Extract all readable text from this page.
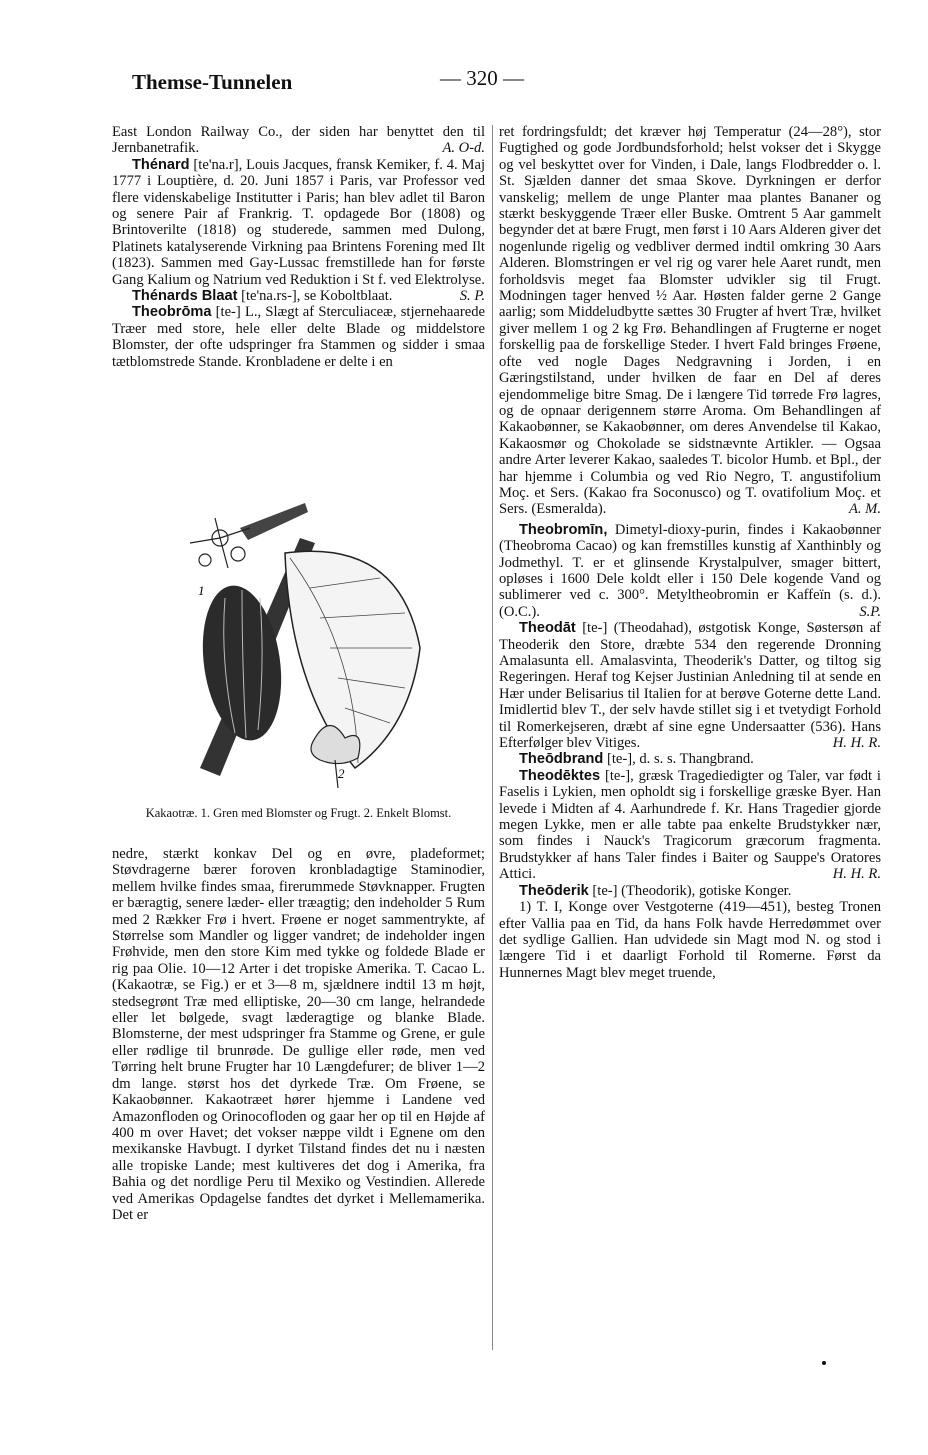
Themse-Tunnelen	— 320 —

East London Railway Co., der siden har benyttet den til Jernbanetrafik.	A. O-d.

Thénard [te'na.r], Louis Jacques, fransk Kemiker, f. 4. Maj 1777 i Louptière, d. 20. Juni 1857 i Paris, var Professor ved flere videnskabelige Institutter i Paris; han blev adlet til Baron og senere Pair af Frankrig. T. opdagede Bor (1808) og Brintoverilte (1818) og studerede, sammen med Dulong, Platinets katalyserende Virkning paa Brintens Forening med Ilt (1823). Sammen med Gay-Lussac fremstillede han for første Gang Kalium og Natrium ved Reduktion i St f. ved Elektrolyse.
S. P.

Thénards Blaat [te'na.rs-], se Koboltblaat.

Theobrōma [te-] L., Slægt af Sterculiaceæ, stjernehaarede Træer med store, hele eller delte Blade og middelstore Blomster, der ofte udspringer fra Stammen og sidder i smaa tætblomstrede Stande. Kronbladene er delte i en

1
2
Kakaotræ. 1. Gren med Blomster og Frugt. 2. Enkelt Blomst.

nedre, stærkt konkav Del og en øvre, pladeformet; Støvdragerne bærer foroven kronbladagtige Staminodier, mellem hvilke findes smaa, firerummede Støvknapper. Frugten er bæragtig, senere læder- eller træagtig; den indeholder 5 Rum med 2 Rækker Frø i hvert. Frøene er noget sammentrykte, af Størrelse som Mandler og ligger vandret; de indeholder ingen Frøhvide, men den store Kim med tykke og foldede Blade er rig paa Olie. 10—12 Arter i det tropiske Amerika. T. Cacao L. (Kakaotræ, se Fig.) er et 3—8 m, sjældnere indtil 13 m højt, stedsegrønt Træ med elliptiske, 20—30 cm lange, helrandede eller let bølgede, svagt læderagtige og blanke Blade. Blomsterne, der mest udspringer fra Stamme og Grene, er gule eller rødlige til brunrøde. De gullige eller røde, men ved Tørring helt brune Frugter har 10 Længdefurer; de bliver 1—2 dm lange. størst hos det dyrkede Træ. Om Frøene, se Kakaobønner. Kakaotræet hører hjemme i Landene ved Amazonfloden og Orinocofloden og gaar her op til en Højde af 400 m over Havet; det vokser næppe vildt i Egnene om den mexikanske Havbugt. I dyrket Tilstand findes det nu i næsten alle tropiske Lande; mest kultiveres det dog i Amerika, fra Bahia og det nordlige Peru til Mexiko og Vestindien. Allerede ved Amerikas Opdagelse fandtes det dyrket i Mellemamerika. Det er

ret fordringsfuldt; det kræver høj Temperatur (24—28°), stor Fugtighed og gode Jordbundsforhold; helst vokser det i Skygge og vel beskyttet over for Vinden, i Dale, langs Flodbredder o. l. St. Sjælden danner det smaa Skove. Dyrkningen er derfor vanskelig; mellem de unge Planter maa plantes Bananer og stærkt beskyggende Træer eller Buske. Omtrent 5 Aar gammelt begynder det at bære Frugt, men først i 10 Aars Alderen giver det nogenlunde rigelig og vedbliver dermed indtil omkring 30 Aars Alderen. Blomstringen er vel rig og varer hele Aaret rundt, men forholdsvis meget faa Blomster udvikler sig til Frugt. Modningen tager henved ½ Aar. Høsten falder gerne 2 Gange aarlig; som Middeludbytte sættes 30 Frugter af hvert Træ, hvilket giver mellem 1 og 2 kg Frø. Behandlingen af Frugterne er noget forskellig paa de forskellige Steder. I hvert Fald bringes Frøene, ofte ved nogle Dages Nedgravning i Jorden, i en Gæringstilstand, under hvilken de faar en Del af deres ejendommelige bitre Smag. De i længere Tid tørrede Frø lagres, og de opnaar derigennem større Aroma. Om Behandlingen af Kakaobønner, se Kakaobønner, om deres Anvendelse til Kakao, Kakaosmør og Chokolade se sidstnævnte Artikler. — Ogsaa andre Arter leverer Kakao, saaledes T. bicolor Humb. et Bpl., der har hjemme i Columbia og ved Rio Negro, T. angustifolium Moç. et Sers. (Kakao fra Soconusco) og T. ovatifolium Moç. et Sers. (Esmeralda).	A. M.

Theobromīn, Dimetyl-dioxy-purin, findes i Kakaobønner (Theobroma Cacao) og kan fremstilles kunstig af Xanthinbly og Jodmethyl. T. er et glinsende Krystalpulver, smager bittert, opløses i 1600 Dele koldt eller i 150 Dele kogende Vand og sublimerer ved c. 300°. Metyltheobromin er Kaffeïn (s. d.). (O.C.).	S.P.

Theodāt [te-] (Theodahad), østgotisk Konge, Søstersøn af Theoderik den Store, dræbte 534 den regerende Dronning Amalasunta ell. Amalasvinta, Theoderik's Datter, og tiltog sig Regeringen. Heraf tog Kejser Justinian Anledning til at sende en Hær under Belisarius til Italien for at berøve Goterne dette Land. Imidlertid blev T., der selv havde stillet sig i et tvetydigt Forhold til Romerkejseren, dræbt af sine egne Undersaatter (536). Hans Efterfølger blev Vitiges.	H. H. R.

Theōdbrand [te-], d. s. s. Thangbrand.

Theodēktes [te-], græsk Tragediedigter og Taler, var født i Faselis i Lykien, men opholdt sig i forskellige græske Byer. Han levede i Midten af 4. Aarhundrede f. Kr. Hans Tragedier gjorde megen Lykke, men er alle tabte paa enkelte Brudstykker nær, som findes i Nauck's Tragicorum græcorum fragmenta. Brudstykker af hans Taler findes i Baiter og Sauppe's Oratores Attici.	H. H. R.

Theōderik [te-] (Theodorik), gotiske Konger.

1) T. I, Konge over Vestgoterne (419—451), besteg Tronen efter Vallia paa en Tid, da hans Folk havde Herredømmet over det sydlige Gallien. Han udvidede sin Magt mod N. og stod i længere Tid i et daarligt Forhold til Romerne. Først da Hunnernes Magt blev meget truende,
